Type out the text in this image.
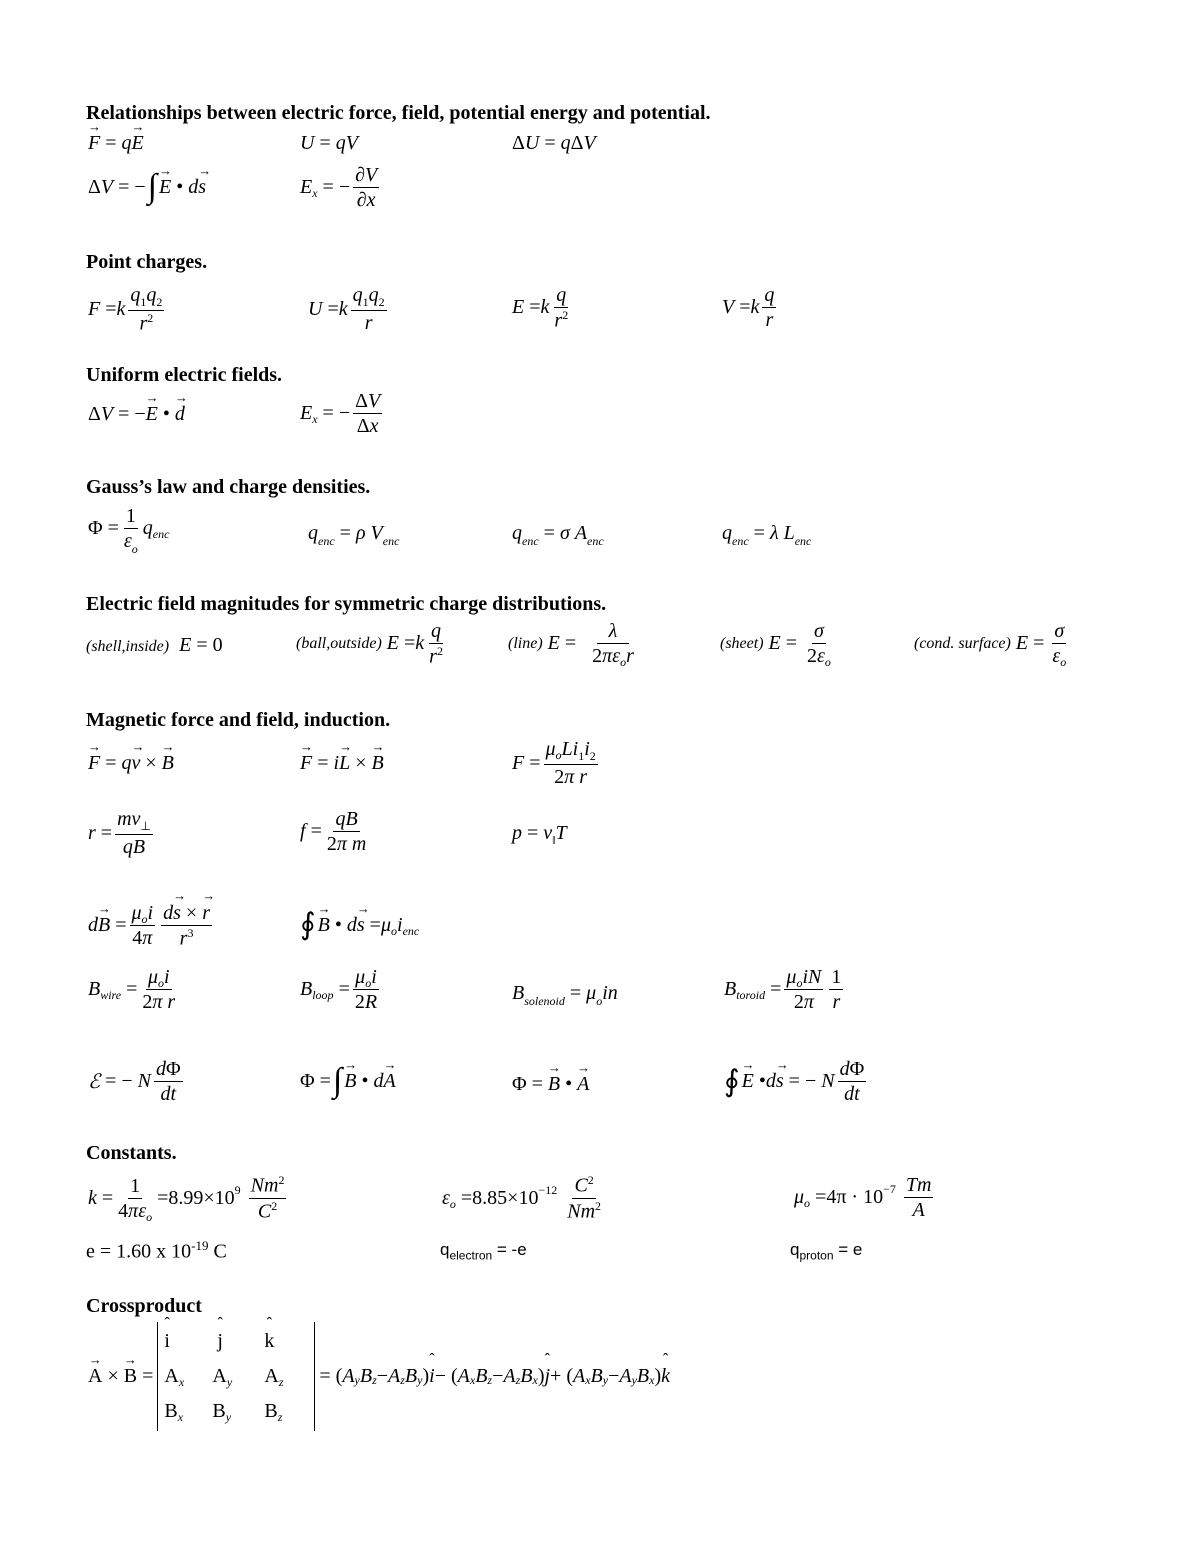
Relationships between electric force, field, potential energy and potential.
Point charges.
Uniform electric fields.
Gauss’s law and charge densities.
Electric field magnitudes for symmetric charge distributions.
Magnetic force and field, induction.
Constants.
Crossproduct
→ F = q→ E	U = qV	ΔU = qΔV
Δ V = − ∫
→ E • d
→ s	E x = − $\frac{\partial V}{\partial x}$
F = k $\frac{q_1q_2}{r^2}$	U = k $\frac{q_1q_2}{r}$	E = k $\frac{q}{r^2}$	V = k $\frac{q}{r}$
ΔV = −→ E • → d	E x = − $\frac{\Delta V}{\Delta x}$
$\Phi = \frac{1}{\varepsilon_o}$ q enc	$q_{enc} = \rho$ $V_{enc}$	$q_{enc} = \sigma$ $A_{enc}$	$q_{enc} = \lambda$ $L_{enc}$
(shell,inside) E = 0	(ball,outside)
E = k $\frac{q}{r^2}$	(line)
$E = \frac{\lambda}{2\pi\varepsilon_or}$	(sheet)
$E = \frac{\sigma}{2\varepsilon_o}$	(cond. surface)
$E = \frac{\sigma}{\varepsilon_o}$
→ F = q→ v × → B
→	F = i→ L × → B	$F = \frac{\mu_oLi_1i_2}{\text{2π r}}$
$r = \frac{mv_\perp}{qB}$	$f = \frac{qB}{\text{2π m}}$	$p = v_‖T$
d
→ $B = \frac{\mu_oi}{4\pi} \frac{d\to s \times \to r}{r^3}$	∮
→ B • d
→ s = μ o i enc
B wire = $\frac{\mu_oi}{\text{2π r}}$	B loop = $\frac{\mu_oi}{2R}$	$B_{solenoid} = \mu_oin$	B toroid = $\frac{\mu_oiN}{2\pi} \frac{1}{r}$
ℰ = − N $\frac{d\Phi}{dt}$	Φ = ∫
→ B • d
→ A	Φ = → B • → A	∮
→ E • d
→ s = − N $\frac{d\Phi}{dt}$
$k = \frac{1}{4\pi\varepsilon_o} = 8.99\times 10$ 9
$\frac{Nm^2}{C^2}$	ε o = 8.85×10 −12
$\frac{C^2}{Nm^2}$	μ o = 4π · 10 −7
$\frac{Tm}{A}$
e = 1.60 x $10^{-19}$ C	$q_{electron} = -e$	$q_{proton} = e$
→ A ×
→ B =
ˆ i
ˆ	j
ˆ	k
$A_x$	$A_y$	$A_z$
$B_x$	$B_y$	$B_z$
= ( A y B z − A z B y )
ˆ i − ( A x B z − A z B x )
ˆ j + ( A x B y − A y B x )
ˆ k
